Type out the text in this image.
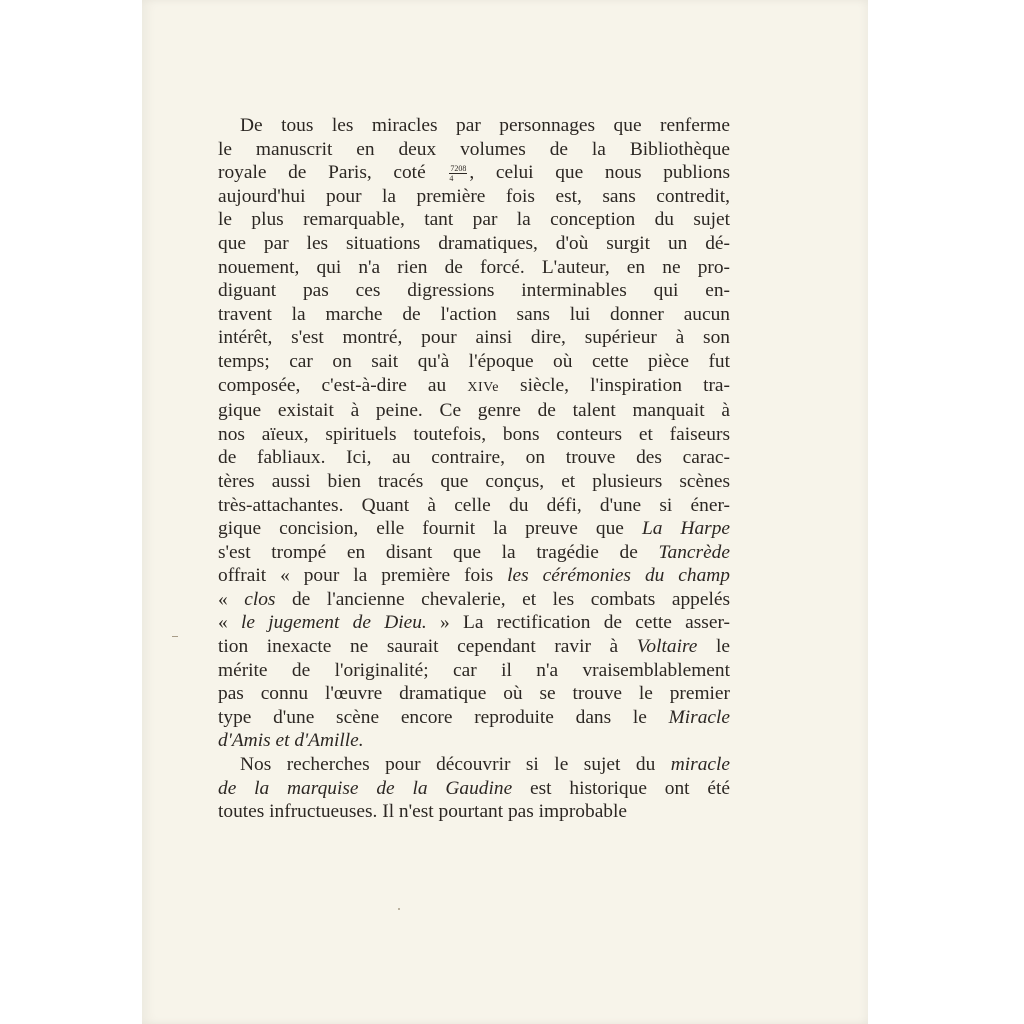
De tous les miracles par personnages que renferme
le manuscrit en deux volumes de la Bibliothèque
royale de Paris, coté $\frac{7208}{4}$ , celui que nous publions
aujourd'hui pour la première fois est, sans contredit,
le plus remarquable, tant par la conception du sujet
que par les situations dramatiques, d'où surgit un dé-
nouement, qui n'a rien de forcé. L'auteur, en ne pro-
diguant pas ces digressions interminables qui en-
travent la marche de l'action sans lui donner aucun
intérêt, s'est montré, pour ainsi dire, supérieur à son
temps; car on sait qu'à l'époque où cette pièce fut
composée, c'est-à-dire au XIVe siècle, l'inspiration tra-
gique existait à peine. Ce genre de talent manquait à
nos aïeux, spirituels toutefois, bons conteurs et faiseurs
de fabliaux. Ici, au contraire, on trouve des carac-
tères aussi bien tracés que conçus, et plusieurs scènes
très-attachantes. Quant à celle du défi, d'une si éner-
gique concision, elle fournit la preuve que La Harpe
s'est trompé en disant que la tragédie de Tancrède
offrait « pour la première fois les cérémonies du champ
« clos de l'ancienne chevalerie, et les combats appelés
« le jugement de Dieu. » La rectification de cette asser-
tion inexacte ne saurait cependant ravir à Voltaire le
mérite de l'originalité; car il n'a vraisemblablement
pas connu l'œuvre dramatique où se trouve le premier
type d'une scène encore reproduite dans le Miracle
d'Amis et d'Amille.
Nos recherches pour découvrir si le sujet du miracle
de la marquise de la Gaudine est historique ont été
toutes infructueuses. Il n'est pourtant pas improbable
